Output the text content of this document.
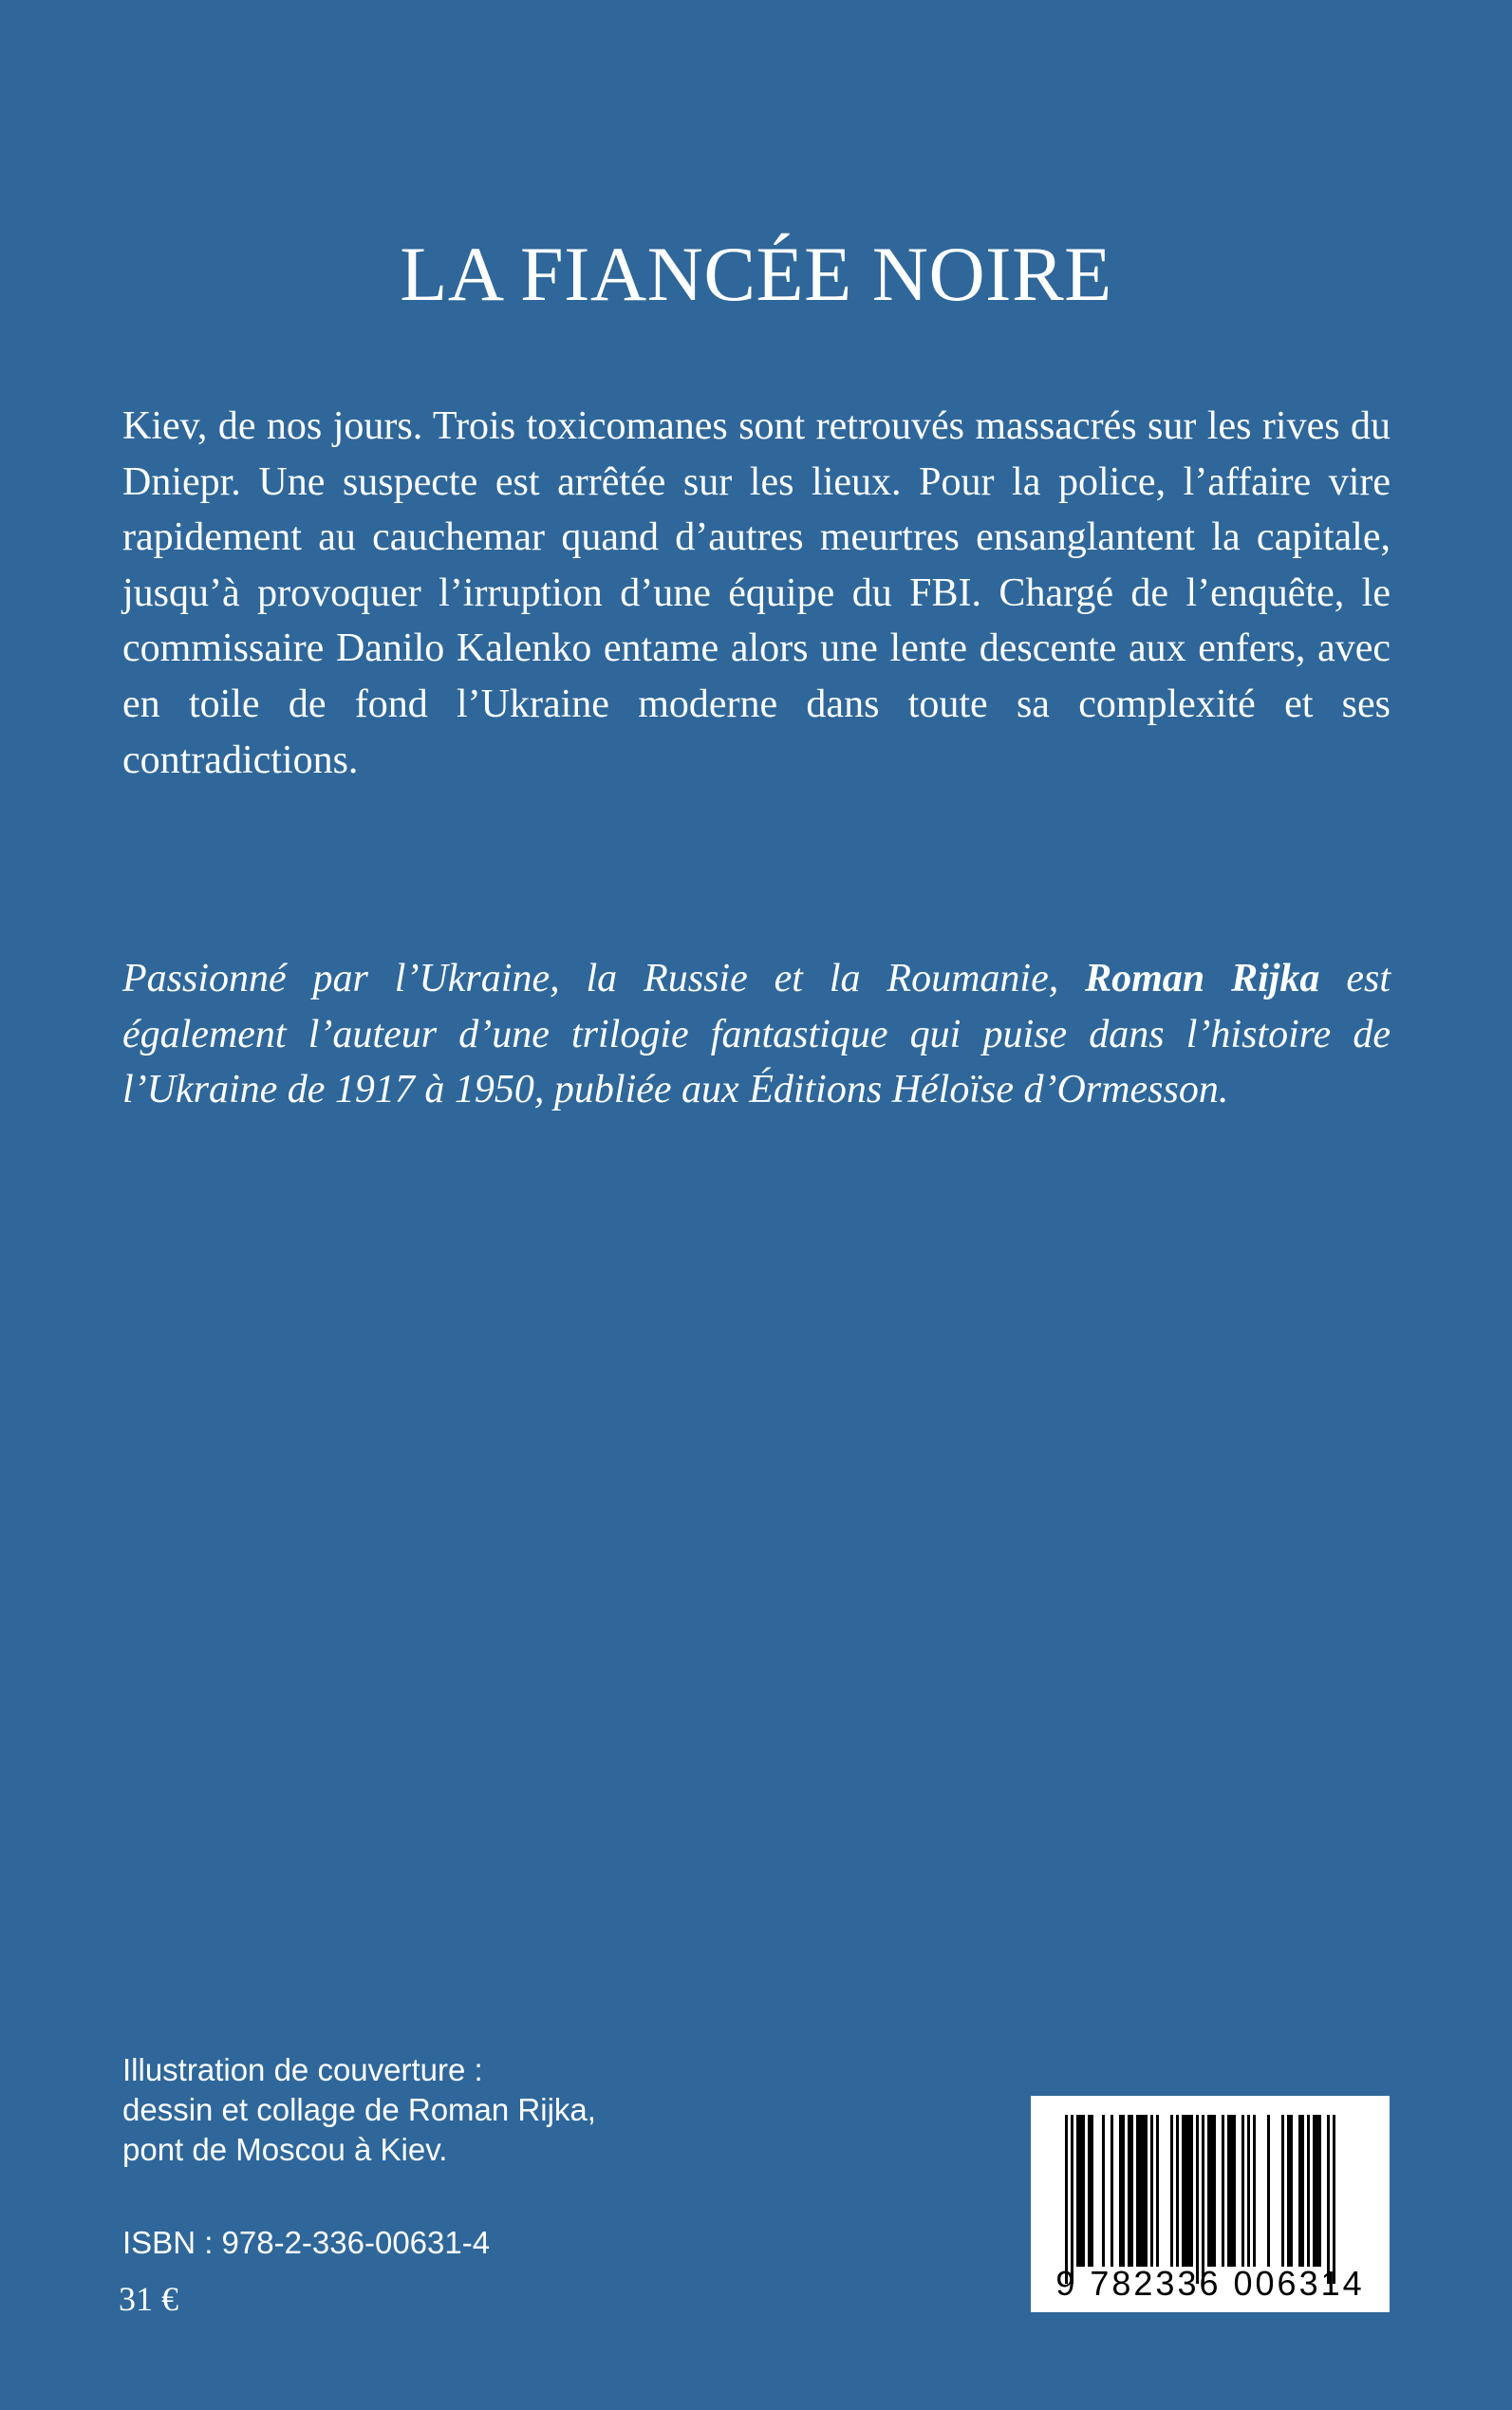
LA FIANCÉE NOIRE

Kiev, de nos jours. Trois toxicomanes sont retrouvés massacrés sur les rives du Dniepr. Une suspecte est arrêtée sur les lieux. Pour la police, l’affaire vire rapidement au cauchemar quand d’autres meurtres ensanglantent la capitale, jusqu’à provoquer l’irruption d’une équipe du FBI. Chargé de l’enquête, le commissaire Danilo Kalenko entame alors une lente descente aux enfers, avec en toile de fond l’Ukraine moderne dans toute sa complexité et ses contradictions.

Passionné par l’Ukraine, la Russie et la Roumanie, Roman Rijka est également l’auteur d’une trilogie fantastique qui puise dans l’histoire de l’Ukraine de 1917 à 1950, publiée aux Éditions Héloïse d’Ormesson.

Illustration de couverture :
dessin et collage de Roman Rijka,
pont de Moscou à Kiev.
ISBN : 978-2-336-00631-4
31 €	9 782336 006314
